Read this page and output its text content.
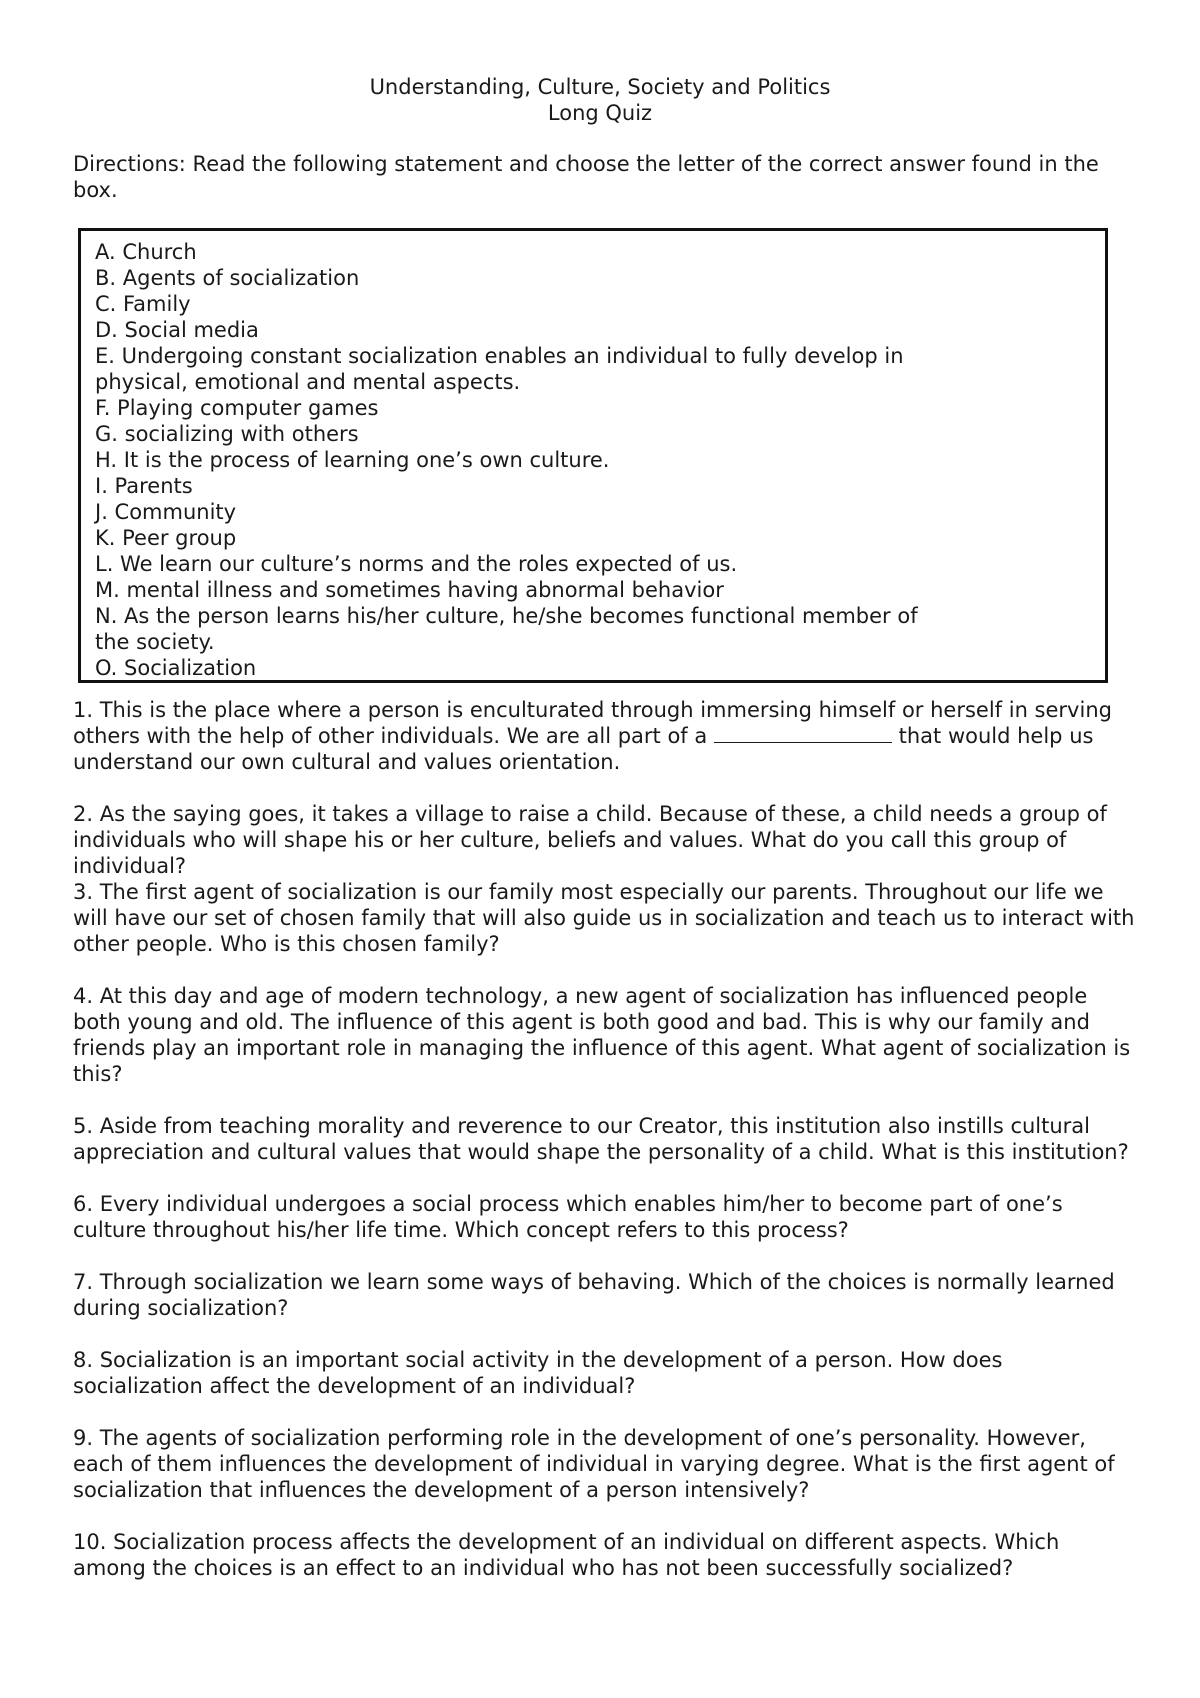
Understanding, Culture, Society and Politics
Long Quiz
Directions: Read the following statement and choose the letter of the correct answer found in the box.
A. Church
B. Agents of socialization
C. Family
D. Social media
E. Undergoing constant socialization enables an individual to fully develop in
physical, emotional and mental aspects.
F. Playing computer games
G. socializing with others
H. It is the process of learning one’s own culture.
I. Parents
J. Community
K. Peer group
L. We learn our culture’s norms and the roles expected of us.
M. mental illness and sometimes having abnormal behavior
N. As the person learns his/her culture, he/she becomes functional member of
the society.
O. Socialization

1. This is the place where a person is enculturated through immersing himself or herself in serving others with the help of other individuals. We are all part of a	that would help us understand our own cultural and values orientation.

2. As the saying goes, it takes a village to raise a child. Because of these, a child needs a group of individuals who will shape his or her culture, beliefs and values. What do you call this group of individual?

3. The first agent of socialization is our family most especially our parents. Throughout our life we will have our set of chosen family that will also guide us in socialization and teach us to interact with other people. Who is this chosen family?

4. At this day and age of modern technology, a new agent of socialization has influenced people both young and old. The influence of this agent is both good and bad. This is why our family and friends play an important role in managing the influence of this agent. What agent of socialization is this?

5. Aside from teaching morality and reverence to our Creator, this institution also instills cultural appreciation and cultural values that would shape the personality of a child. What is this institution?

6. Every individual undergoes a social process which enables him/her to become part of one’s culture throughout his/her life time. Which concept refers to this process?

7. Through socialization we learn some ways of behaving. Which of the choices is normally learned during socialization?

8. Socialization is an important social activity in the development of a person. How does socialization affect the development of an individual?

9. The agents of socialization performing role in the development of one’s personality. However, each of them influences the development of individual in varying degree. What is the first agent of socialization that influences the development of a person intensively?

10. Socialization process affects the development of an individual on different aspects. Which among the choices is an effect to an individual who has not been successfully socialized?
